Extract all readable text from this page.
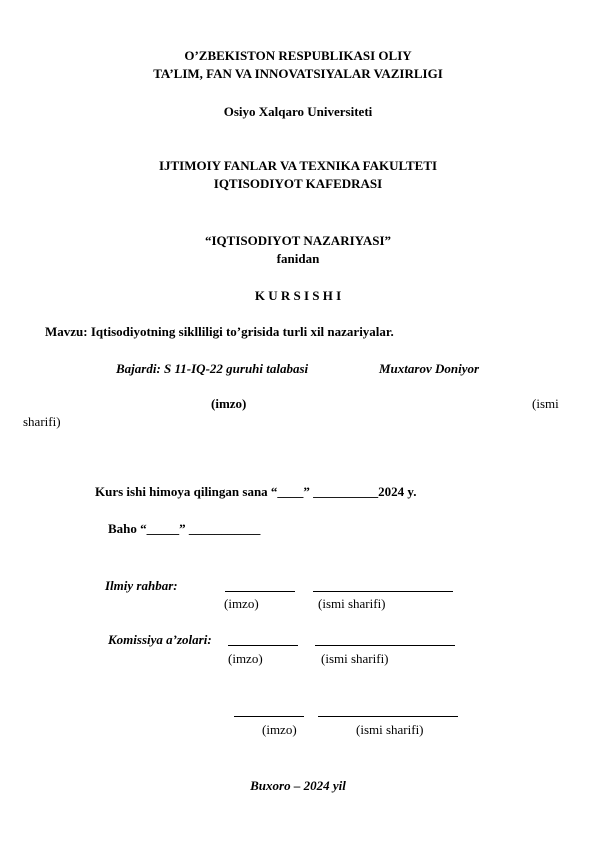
O’ZBEKISTON RESPUBLIKASI OLIY
TA’LIM, FAN VA INNOVATSIYALAR VAZIRLIGI
Osiyo Xalqaro Universiteti
IJTIMOIY FANLAR VA TEXNIKA FAKULTETI
IQTISODIYOT KAFEDRASI
“IQTISODIYOT NAZARIYASI”
fanidan
K U R S I S H I
Mavzu: Iqtisodiyotning siklliligi to’grisida turli xil nazariyalar.
Bajardi: S 11-IQ-22 guruhi talabasi	Muxtarov Doniyor
(imzo)	(ismi
sharifi)
Kurs ishi himoya qilingan sana “____” __________2024 y.
Baho “_____” ___________
Ilmiy rahbar:
(imzo)	(ismi sharifi)
Komissiya a’zolari:
(imzo)	(ismi sharifi)
(imzo)	(ismi sharifi)
Buxoro – 2024 yil
